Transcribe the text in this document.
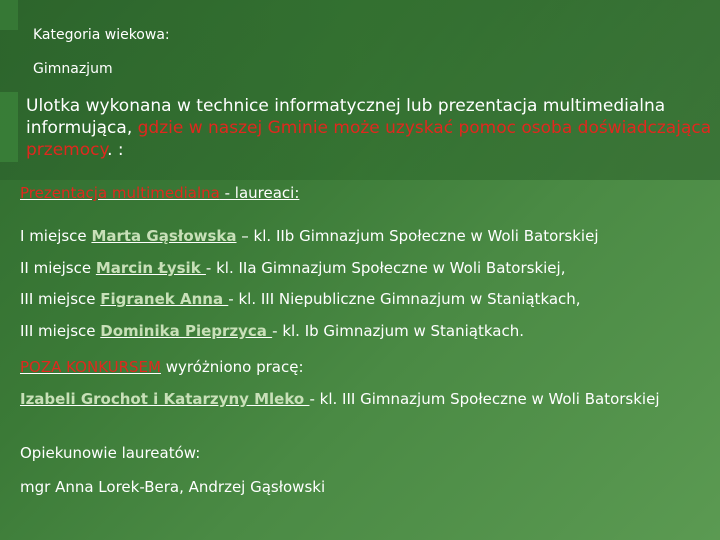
Kategoria wiekowa:
Gimnazjum
Ulotka wykonana w technice informatycznej lub prezentacja multimedialna informująca, gdzie w naszej Gminie może uzyskać pomoc osoba doświadczająca przemocy. :
Prezentacja multimedialna - laureaci:
I miejsce Marta Gąsłowska – kl. IIb Gimnazjum Społeczne w Woli Batorskiej
II miejsce Marcin Łysik - kl. IIa Gimnazjum Społeczne w Woli Batorskiej,
III miejsce Figranek Anna - kl. III Niepubliczne Gimnazjum w Staniątkach,
III miejsce Dominika Pieprzyca - kl. Ib Gimnazjum w Staniątkach.
POZA KONKURSEM wyróżniono pracę:
Izabeli Grochot i Katarzyny Mleko - kl. III Gimnazjum Społeczne w Woli Batorskiej
Opiekunowie laureatów:
mgr Anna Lorek-Bera, Andrzej Gąsłowski
